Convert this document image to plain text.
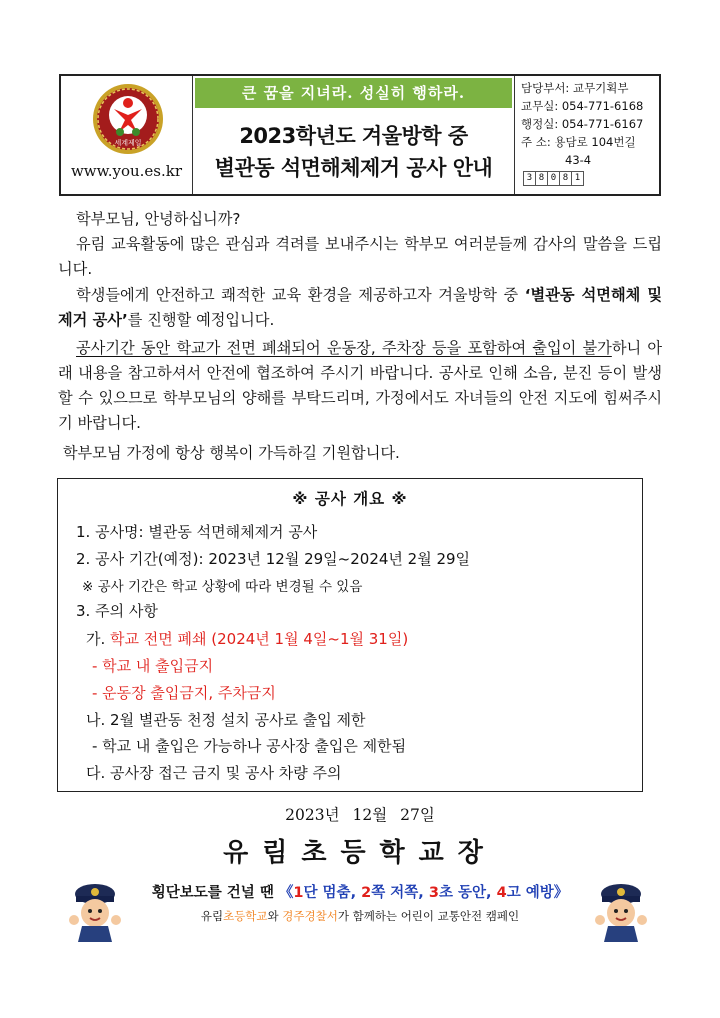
세계제일
www.you.es.kr
큰 꿈을 지녀라. 성실히 행하라.
2023학년도 겨울방학 중
별관동 석면해체제거 공사 안내
담당부서: 교무기획부
교무실: 054-771-6168
행정실: 054-771-6167
주 소: 용담로 104번길
43-4
3 8 0 8 1

학부모님, 안녕하십니까?

유림 교육활동에 많은 관심과 격려를 보내주시는 학부모 여러분들께 감사의 말씀을 드립니다.

학생들에게 안전하고 쾌적한 교육 환경을 제공하고자 겨울방학 중 ‘별관동 석면해체 및 제거 공사’를 진행할 예정입니다.

공사기간 동안 학교가 전면 폐쇄되어 운동장, 주차장 등을 포함하여 출입이 불가하니 아래 내용을 참고하셔서 안전에 협조하여 주시기 바랍니다. 공사로 인해 소음, 분진 등이 발생할 수 있으므로 학부모님의 양해를 부탁드리며, 가정에서도 자녀들의 안전 지도에 힘써주시기 바랍니다.

학부모님 가정에 항상 행복이 가득하길 기원합니다.

※ 공사 개요 ※
1. 공사명: 별관동 석면해체제거 공사
2. 공사 기간(예정): 2023년 12월 29일~2024년 2월 29일
※ 공사 기간은 학교 상황에 따라 변경될 수 있음
3. 주의 사항
가. 학교 전면 폐쇄 (2024년 1월 4일~1월 31일)
- 학교 내 출입금지
- 운동장 출입금지, 주차금지
나. 2월 별관동 천정 설치 공사로 출입 제한
- 학교 내 출입은 가능하나 공사장 출입은 제한됨
다. 공사장 접근 금지 및 공사 차량 주의
2023년 12월 27일
유림초등학교장
횡단보도를 건널 땐 《1단 멈춤, 2쪽 저쪽, 3초 동안, 4고 예방》
유림초등학교와 경주경찰서가 함께하는 어린이 교통안전 캠페인
